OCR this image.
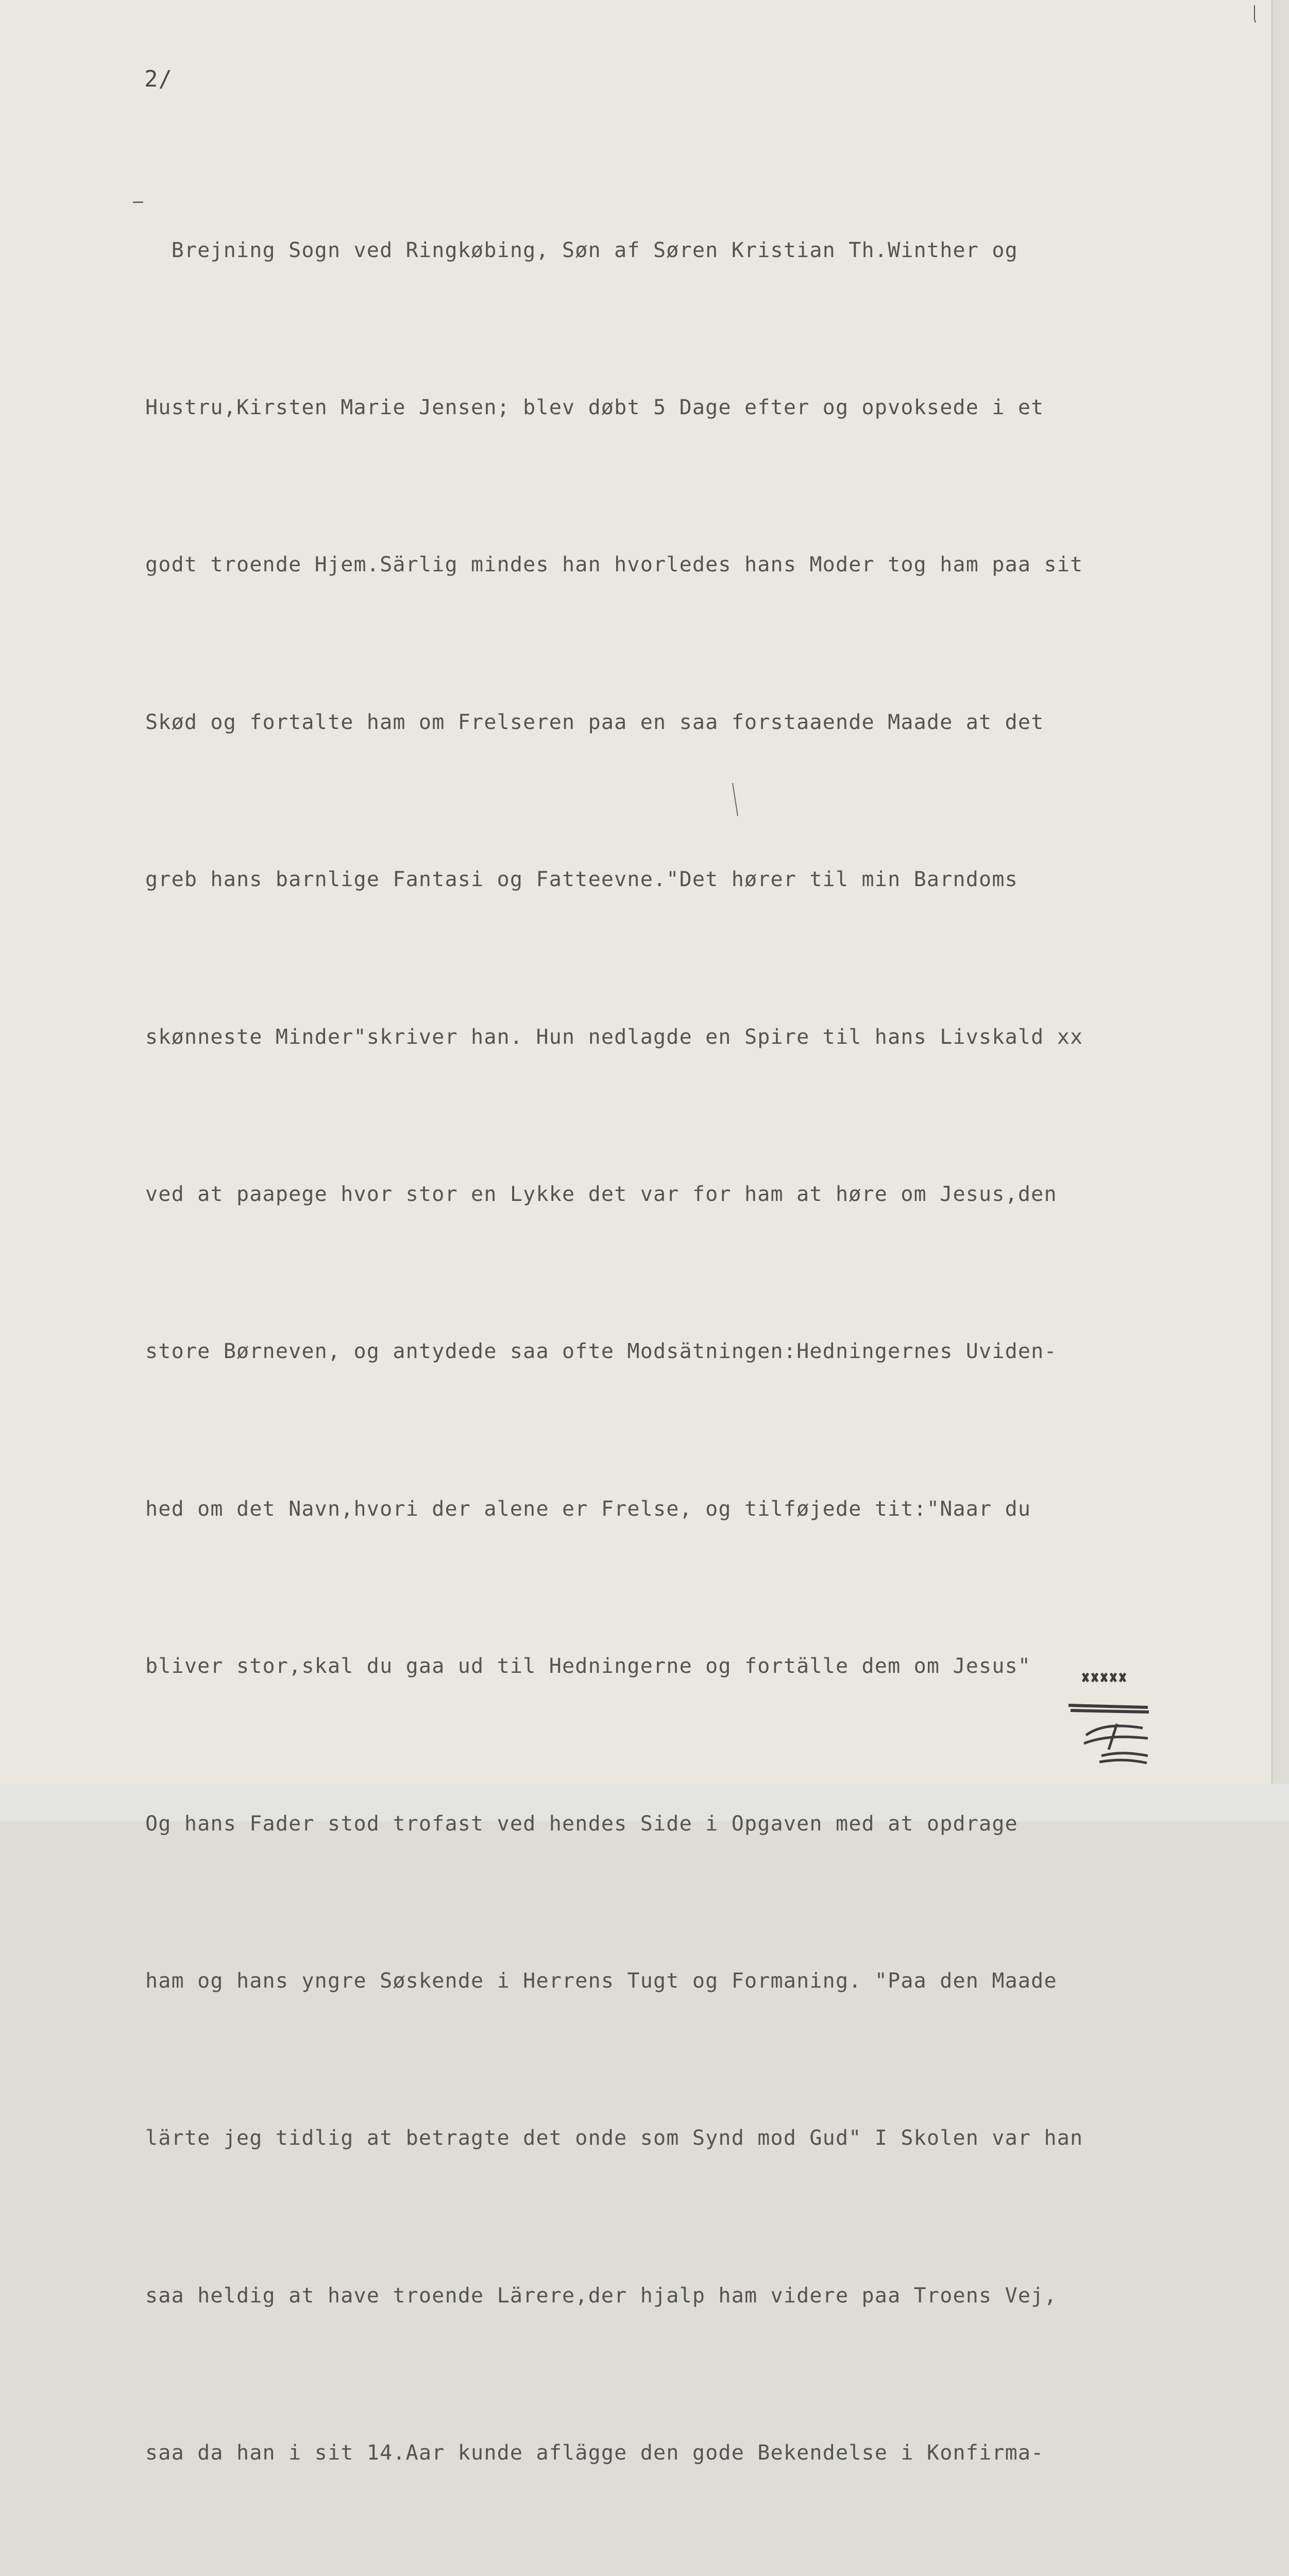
2/

Brejning Sogn ved Ringkøbing, Søn af Søren Kristian Th.Winther og

Hustru,Kirsten Marie Jensen; blev døbt 5 Dage efter og opvoksede i et

godt troende Hjem.Särlig mindes han hvorledes hans Moder tog ham paa sit

Skød og fortalte ham om Frelseren paa en saa forstaaende Maade at det

greb hans barnlige Fantasi og Fatteevne."Det hører til min Barndoms

skønneste Minder"skriver han. Hun nedlagde en Spire til hans Livskald xx

ved at paapege hvor stor en Lykke det var for ham at høre om Jesus,den

store Børneven, og antydede saa ofte Modsätningen:Hedningernes Uviden-

hed om det Navn,hvori der alene er Frelse, og tilføjede tit:"Naar du

bliver stor,skal du gaa ud til Hedningerne og fortälle dem om Jesus"

Og hans Fader stod trofast ved hendes Side i Opgaven med at opdrage

ham og hans yngre Søskende i Herrens Tugt og Formaning. "Paa den Maade

lärte jeg tidlig at betragte det onde som Synd mod Gud" I Skolen var han

saa heldig at have troende Lärere,der hjalp ham videre paa Troens Vej,

saa da han i sit 14.Aar kunde aflägge den gode Bekendelse i Konfirma-
